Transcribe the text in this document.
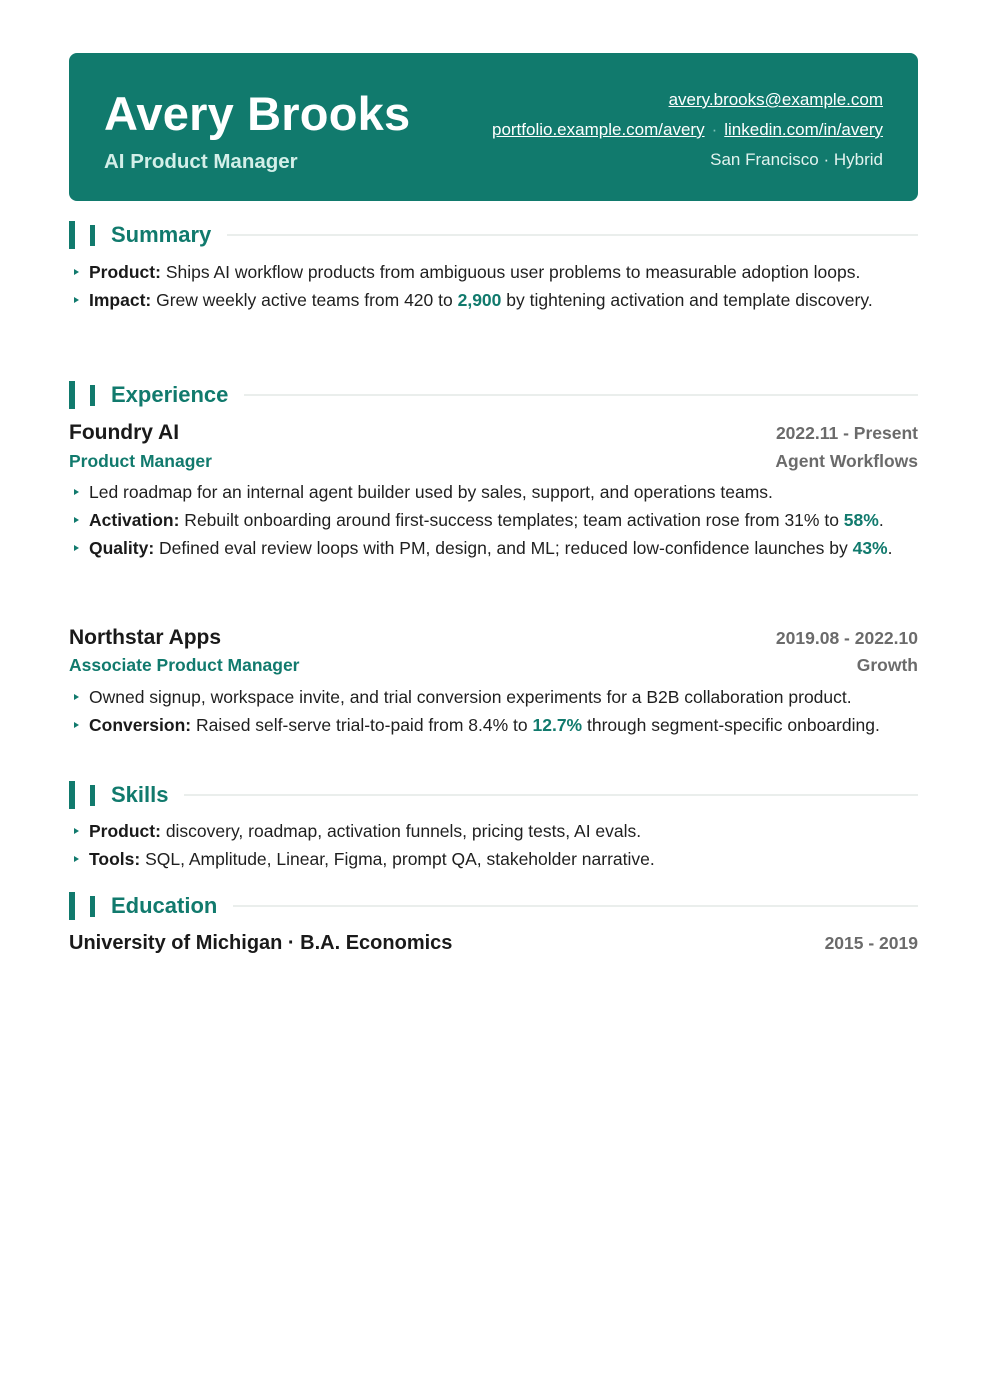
Avery Brooks
AI Product Manager
avery.brooks@example.com
portfolio.example.com/avery · linkedin.com/in/avery
San Francisco · Hybrid
Summary
Product: Ships AI workflow products from ambiguous user problems to measurable adoption loops.
Impact: Grew weekly active teams from 420 to 2,900 by tightening activation and template discovery.
Experience
Foundry AI	2022.11 - Present
Product Manager	Agent Workflows
Led roadmap for an internal agent builder used by sales, support, and operations teams.
Activation: Rebuilt onboarding around first-success templates; team activation rose from 31% to 58%.
Quality: Defined eval review loops with PM, design, and ML; reduced low-confidence launches by 43%.
Northstar Apps	2019.08 - 2022.10
Associate Product Manager	Growth
Owned signup, workspace invite, and trial conversion experiments for a B2B collaboration product.
Conversion: Raised self-serve trial-to-paid from 8.4% to 12.7% through segment-specific onboarding.
Skills
Product: discovery, roadmap, activation funnels, pricing tests, AI evals.
Tools: SQL, Amplitude, Linear, Figma, prompt QA, stakeholder narrative.
Education
University of Michigan · B.A. Economics	2015 - 2019
